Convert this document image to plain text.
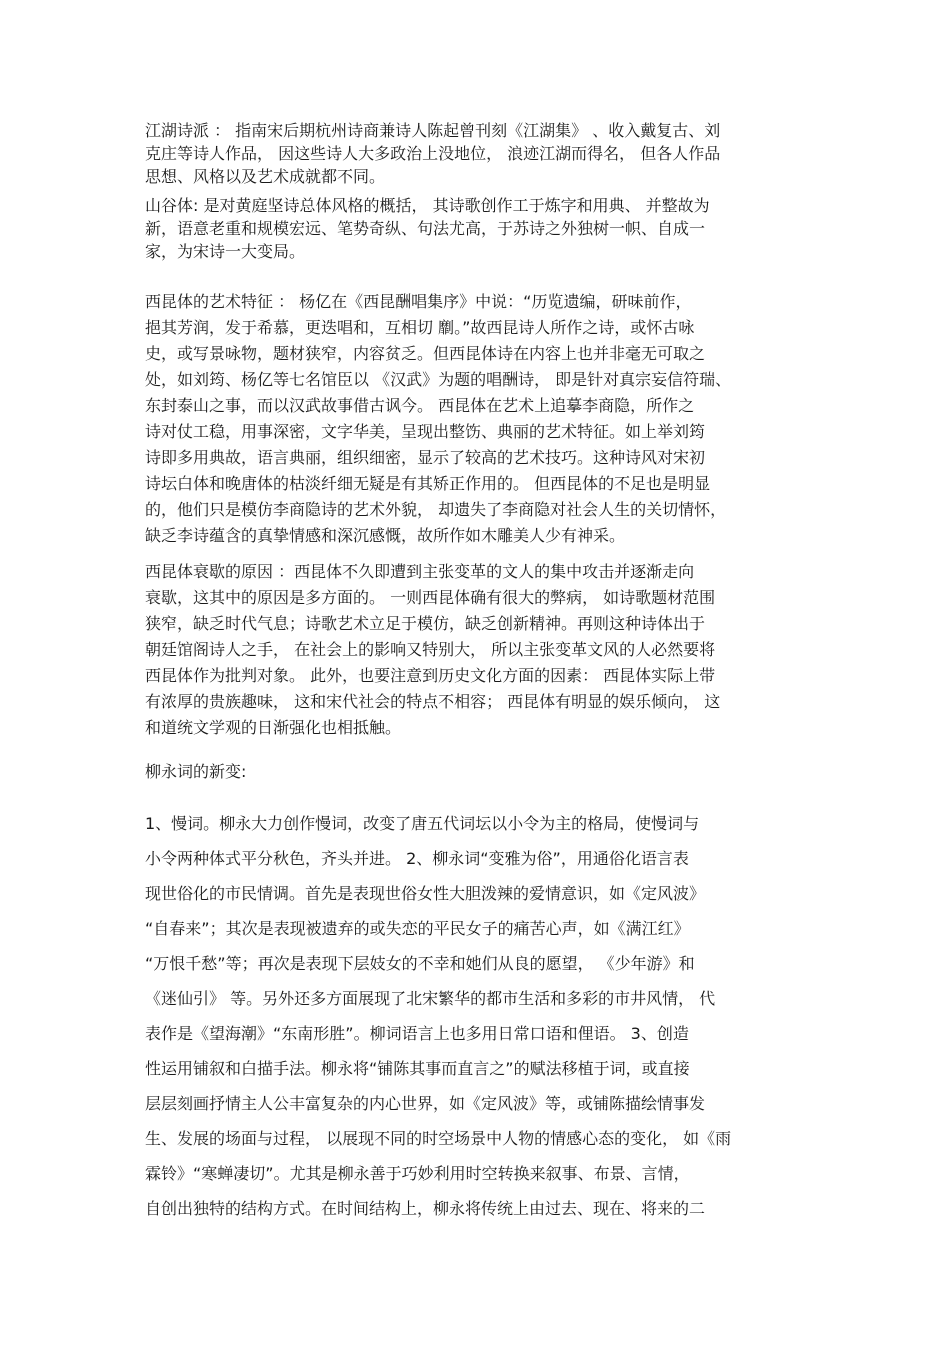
江湖诗派 ： 指南宋后期杭州诗商兼诗人陈起曾刊刻《江湖集》 、收入戴复古、刘
克庄等诗人作品， 因这些诗人大多政治上没地位， 浪迹江湖而得名， 但各人作品
思想、风格以及艺术成就都不同。
山谷体: 是对黄庭坚诗总体风格的概括， 其诗歌创作工于炼字和用典、 并整故为
新，语意老重和规模宏远、笔势奇纵、句法尤高，于苏诗之外独树一帜、自成一
家，为宋诗一大变局。
西昆体的艺术特征 ： 杨亿在《西昆酬唱集序》中说：“历览遗编，研味前作，
挹其芳润，发于希慕，更迭唱和，互相切 劘。”故西昆诗人所作之诗，或怀古咏
史，或写景咏物，题材狭窄，内容贫乏。但西昆体诗在内容上也并非毫无可取之
处，如刘筠、杨亿等七名馆臣以 《汉武》为题的唱酬诗， 即是针对真宗妄信符瑞、
东封泰山之事，而以汉武故事借古讽今。 西昆体在艺术上追摹李商隐，所作之
诗对仗工稳，用事深密，文字华美，呈现出整饬、典丽的艺术特征。如上举刘筠
诗即多用典故，语言典丽，组织细密，显示了较高的艺术技巧。这种诗风对宋初
诗坛白体和晚唐体的枯淡纤细无疑是有其矫正作用的。 但西昆体的不足也是明显
的，他们只是模仿李商隐诗的艺术外貌， 却遗失了李商隐对社会人生的关切情怀，
缺乏李诗蕴含的真挚情感和深沉感慨，故所作如木雕美人少有神采。
西昆体衰歇的原因 ：西昆体不久即遭到主张变革的文人的集中攻击并逐渐走向
衰歇，这其中的原因是多方面的。 一则西昆体确有很大的弊病， 如诗歌题材范围
狭窄，缺乏时代气息；诗歌艺术立足于模仿，缺乏创新精神。再则这种诗体出于
朝廷馆阁诗人之手， 在社会上的影响又特别大， 所以主张变革文风的人必然要将
西昆体作为批判对象。 此外，也要注意到历史文化方面的因素： 西昆体实际上带
有浓厚的贵族趣味， 这和宋代社会的特点不相容； 西昆体有明显的娱乐倾向， 这
和道统文学观的日渐强化也相抵触。
柳永词的新变:
1、慢词。柳永大力创作慢词，改变了唐五代词坛以小令为主的格局，使慢词与
小令两种体式平分秋色，齐头并进。 2、柳永词“变雅为俗”，用通俗化语言表
现世俗化的市民情调。首先是表现世俗女性大胆泼辣的爱情意识，如《定风波》
“自春来”；其次是表现被遗弃的或失恋的平民女子的痛苦心声，如《满江红》
“万恨千愁”等；再次是表现下层妓女的不幸和她们从良的愿望， 《少年游》和
《迷仙引》 等。另外还多方面展现了北宋繁华的都市生活和多彩的市井风情， 代
表作是《望海潮》“东南形胜”。柳词语言上也多用日常口语和俚语。 3、创造
性运用铺叙和白描手法。柳永将“铺陈其事而直言之”的赋法移植于词，或直接
层层刻画抒情主人公丰富复杂的内心世界，如《定风波》等，或铺陈描绘情事发
生、发展的场面与过程， 以展现不同的时空场景中人物的情感心态的变化， 如《雨
霖铃》“寒蝉凄切”。尤其是柳永善于巧妙利用时空转换来叙事、布景、言情，
自创出独特的结构方式。在时间结构上，柳永将传统上由过去、现在、将来的二
